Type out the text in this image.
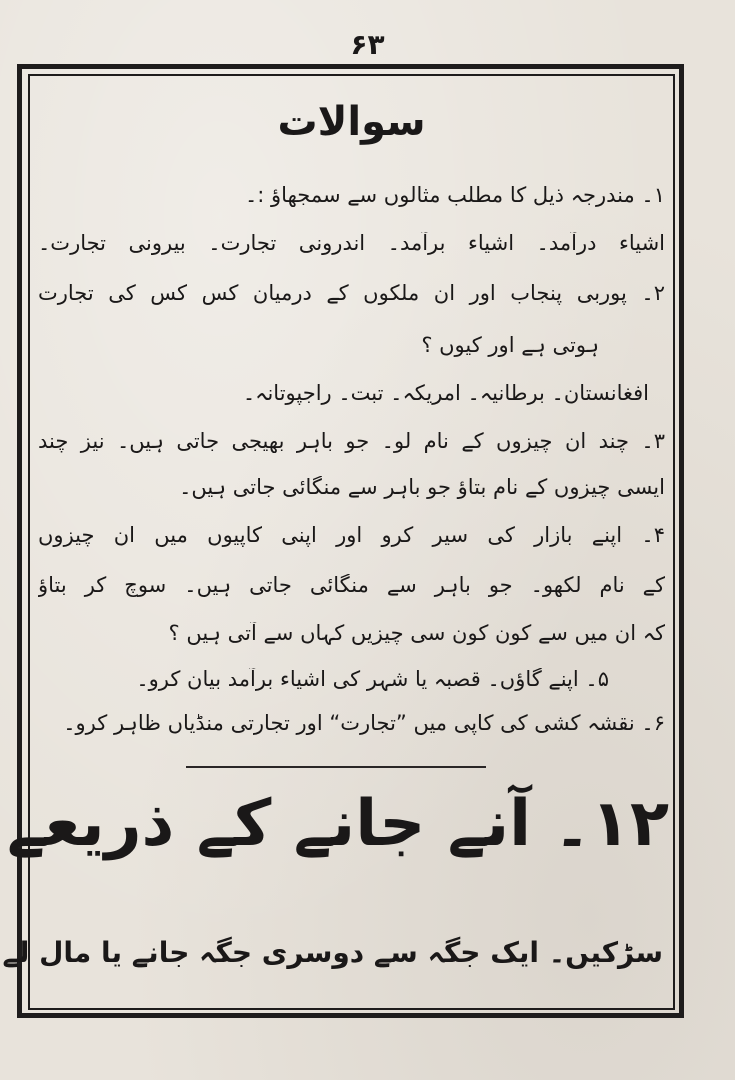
۶۳
سوالات
۱۔ مندرجہ ذیل کا مطلب مثالوں سے سمجھاؤ :۔
اشیاء درآمد۔ اشیاء برآمد۔ اندرونی تجارت۔ بیرونی تجارت۔
۲۔ پوربی پنجاب اور ان ملکوں کے درمیان کس کس کی تجارت
ہوتی ہے اور کیوں ؟
افغانستان۔ برطانیہ۔ امریکہ۔ تبت۔ راجپوتانہ۔
۳۔ چند ان چیزوں کے نام لو۔ جو باہر بھیجی جاتی ہیں۔ نیز چند
ایسی چیزوں کے نام بتاؤ جو باہر سے منگائی جاتی ہیں۔
۴۔ اپنے بازار کی سیر کرو اور اپنی کاپیوں میں ان چیزوں
کے نام لکھو۔ جو باہر سے منگائی جاتی ہیں۔ سوچ کر بتاؤ
کہ ان میں سے کون کون سی چیزیں کہاں سے آتی ہیں ؟
۵۔ اپنے گاؤں۔ قصبہ یا شہر کی اشیاء برآمد بیان کرو۔
۶۔ نقشہ کشی کی کاپی میں ”تجارت“ اور تجارتی منڈیاں ظاہر کرو۔
۱۲۔ آنے جانے کے ذریعے
سڑکیں۔ ایک جگہ سے دوسری جگہ جانے یا مال لے
